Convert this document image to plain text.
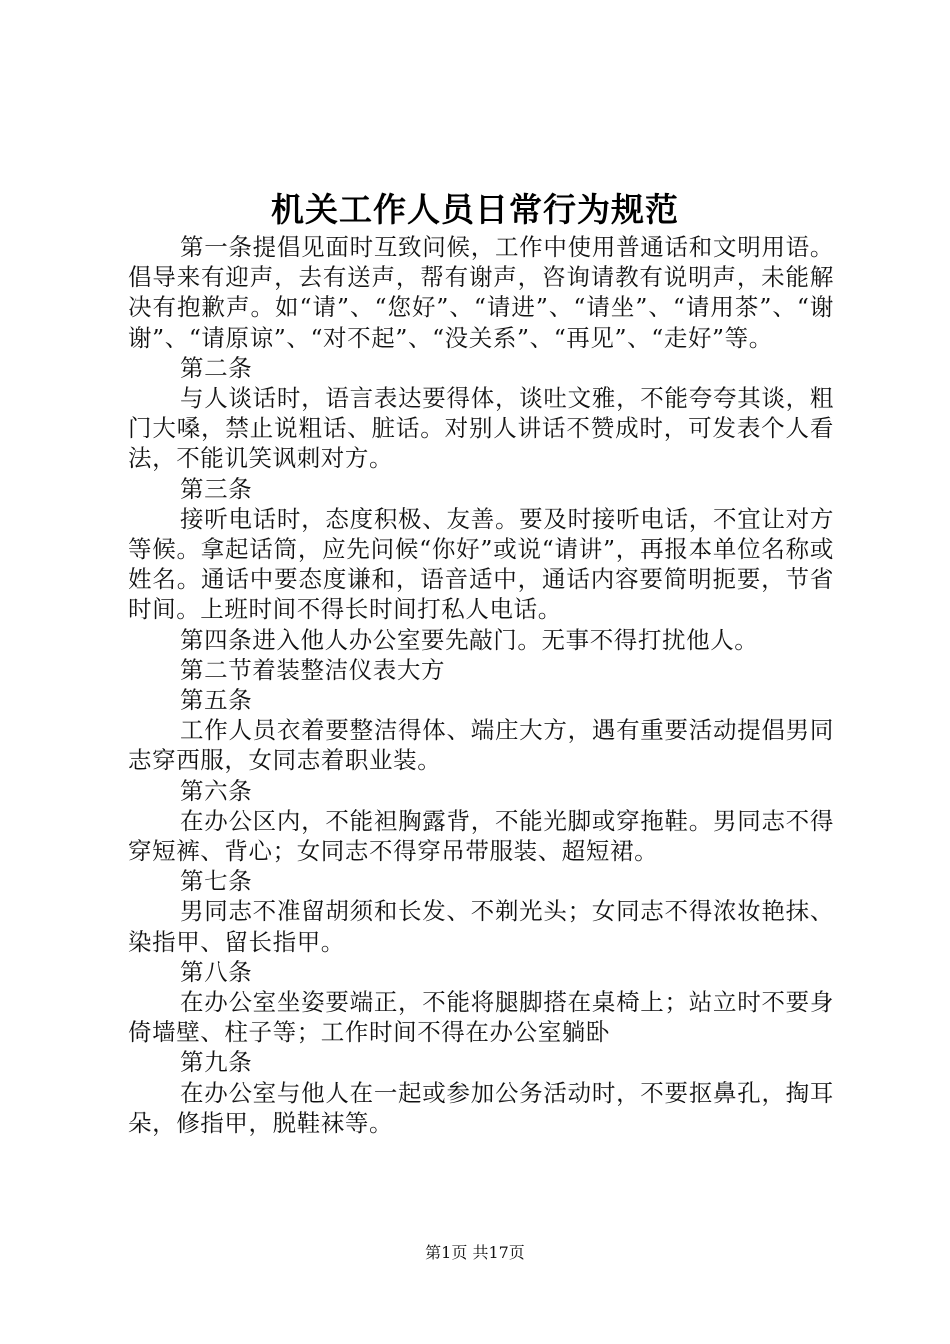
机关工作人员日常行为规范

第一条提倡见面时互致问候，工作中使用普通话和文明用语。倡导来有迎声，去有送声，帮有谢声，咨询请教有说明声，未能解决有抱歉声。如“请”、“您好”、“请进”、“请坐”、“请用茶”、“谢谢”、“请原谅”、“对不起”、“没关系”、“再见”、“走好”等。

第二条

与人谈话时，语言表达要得体，谈吐文雅，不能夸夸其谈，粗门大嗓，禁止说粗话、脏话。对别人讲话不赞成时，可发表个人看法，不能讥笑讽刺对方。

第三条

接听电话时，态度积极、友善。要及时接听电话，不宜让对方等候。拿起话筒，应先问候“你好”或说“请讲”，再报本单位名称或姓名。通话中要态度谦和，语音适中，通话内容要简明扼要，节省时间。上班时间不得长时间打私人电话。

第四条进入他人办公室要先敲门。无事不得打扰他人。

第二节着装整洁仪表大方

第五条

工作人员衣着要整洁得体、端庄大方，遇有重要活动提倡男同志穿西服，女同志着职业装。

第六条

在办公区内，不能袒胸露背，不能光脚或穿拖鞋。男同志不得穿短裤、背心；女同志不得穿吊带服装、超短裙。

第七条

男同志不准留胡须和长发、不剃光头；女同志不得浓妆艳抹、染指甲、留长指甲。

第八条

在办公室坐姿要端正，不能将腿脚搭在桌椅上；站立时不要身倚墙壁、柱子等；工作时间不得在办公室躺卧

第九条

在办公室与他人在一起或参加公务活动时，不要抠鼻孔，掏耳朵，修指甲，脱鞋袜等。

第1页 共17页
